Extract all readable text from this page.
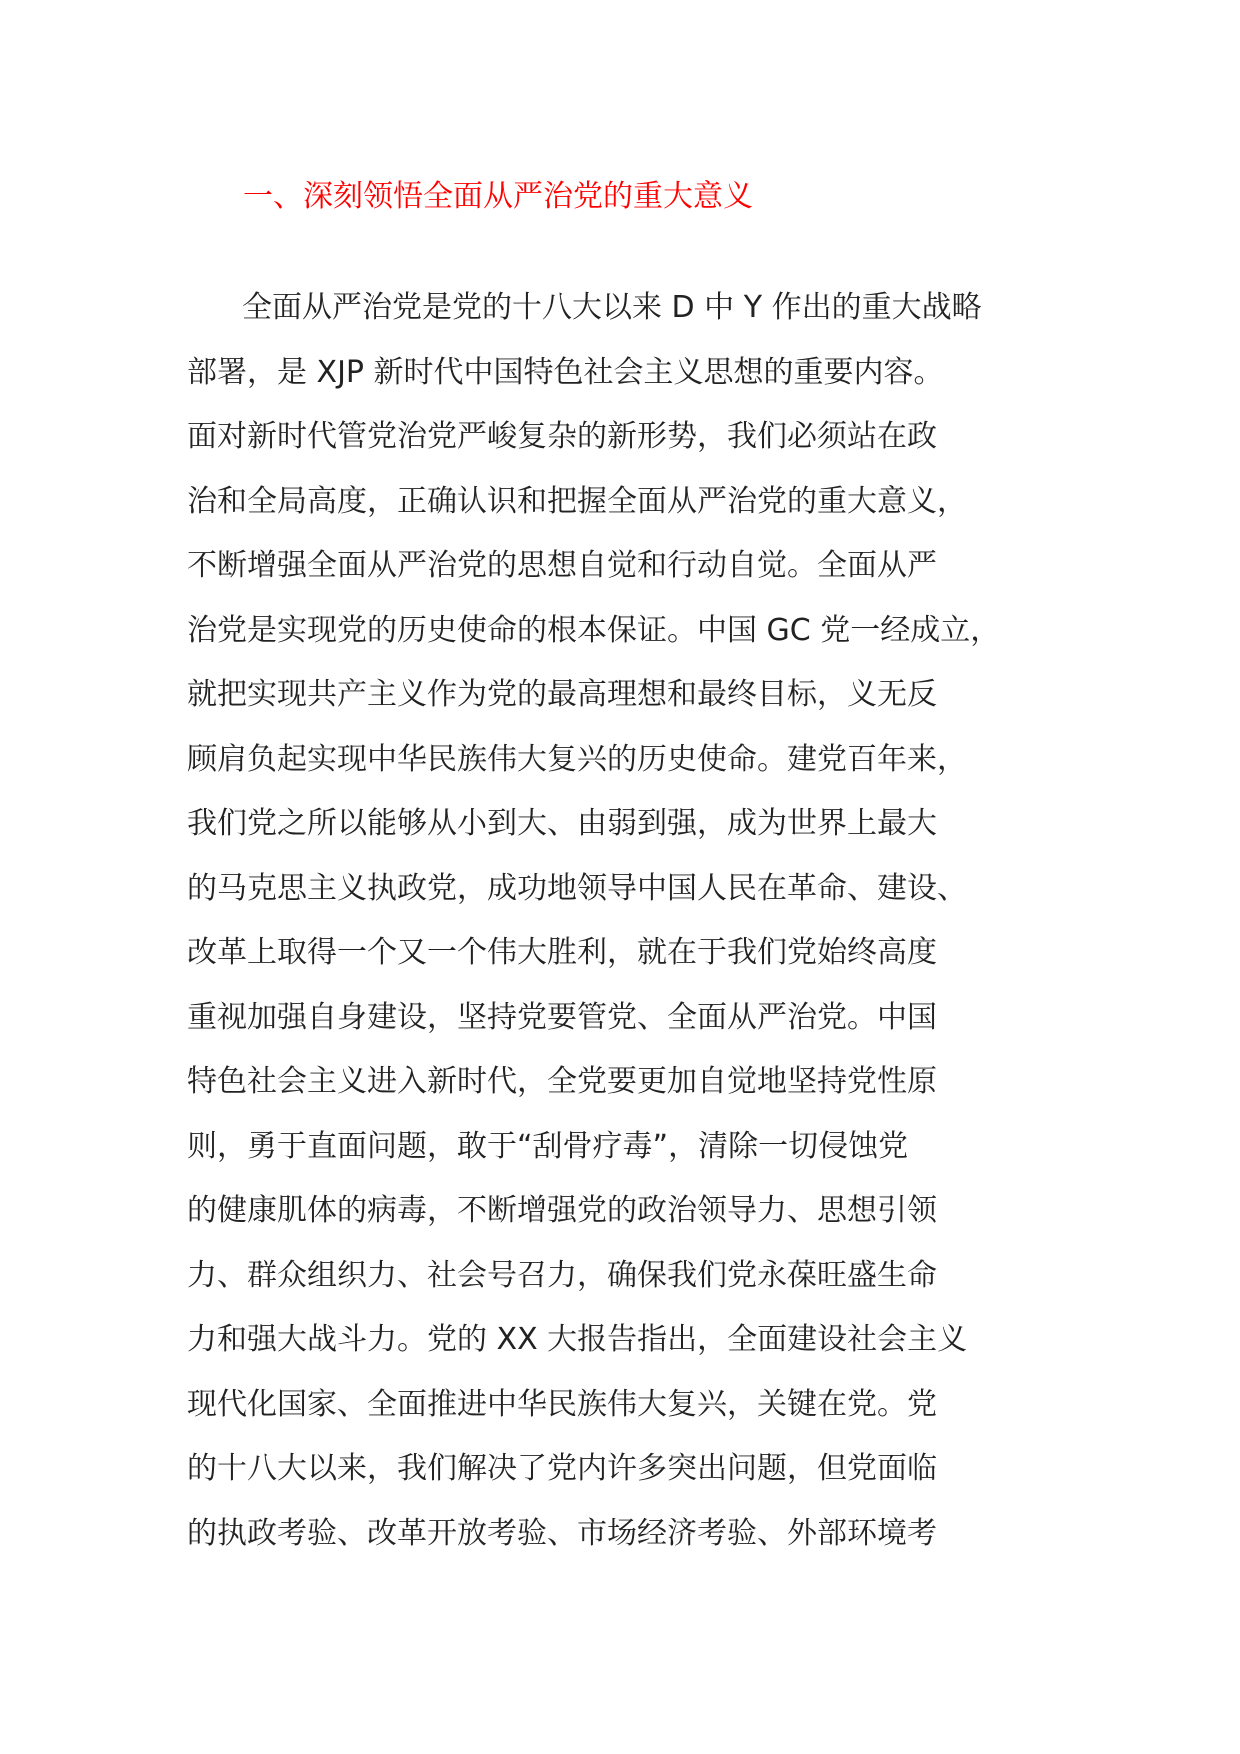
一、深刻领悟全面从严治党的重大意义
全面从严治党是党的十八大以来 D 中 Y 作出的重大战略
部署，是 XJP 新时代中国特色社会主义思想的重要内容。
面对新时代管党治党严峻复杂的新形势，我们必须站在政
治和全局高度，正确认识和把握全面从严治党的重大意义，
不断增强全面从严治党的思想自觉和行动自觉。全面从严
治党是实现党的历史使命的根本保证。中国 GC 党一经成立，
就把实现共产主义作为党的最高理想和最终目标，义无反
顾肩负起实现中华民族伟大复兴的历史使命。建党百年来，
我们党之所以能够从小到大、由弱到强，成为世界上最大
的马克思主义执政党，成功地领导中国人民在革命、建设、
改革上取得一个又一个伟大胜利，就在于我们党始终高度
重视加强自身建设，坚持党要管党、全面从严治党。中国
特色社会主义进入新时代，全党要更加自觉地坚持党性原
则，勇于直面问题，敢于“刮骨疗毒”，清除一切侵蚀党
的健康肌体的病毒，不断增强党的政治领导力、思想引领
力、群众组织力、社会号召力，确保我们党永葆旺盛生命
力和强大战斗力。党的 XX 大报告指出，全面建设社会主义
现代化国家、全面推进中华民族伟大复兴，关键在党。党
的十八大以来，我们解决了党内许多突出问题，但党面临
的执政考验、改革开放考验、市场经济考验、外部环境考
